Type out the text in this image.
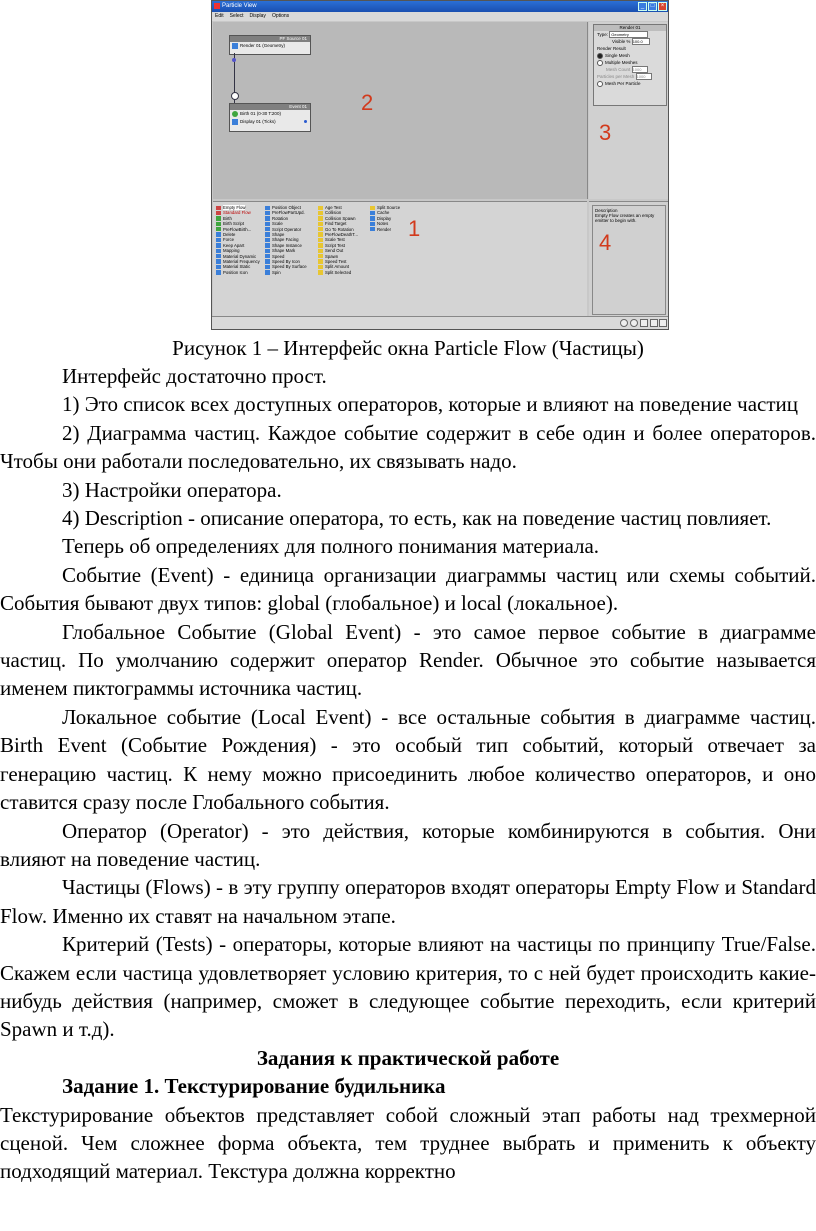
Particle View	_	□	×
Edit Select Display Options
PF Source 01
Render 01 (Geometry)
Event 01
Birth 01 (0-30 T:200)
Display 01 (Ticks)
2
Render 01
Type: Geometry
Visible % 100.0
Render Result
Single Mesh
Multiple Meshes
Mesh Count 1000
Particles per Mesh 1000
Mesh Per Particle
3
Empty Flow
Standard Flow
Birth
Birth Script
PreFlowBirth...
Delete
Force
Keep Apart
Mapping
Material Dynamic
Material Frequency
Material Static
Position Icon
Position Object
PreFlowPartUpd.
Rotation
Scale
Script Operator
Shape
Shape Facing
Shape Instance
Shape Mark
Speed
Speed By Icon
Speed By Surface
Spin
Age Test
Collision
Collision Spawn
Find Target
Go To Rotation
PreFlowDeathT...
Scale Test
Script Test
Send Out
Spawn
Speed Test
Split Amount
Split Selected
Split Source
Cache
Display
Notes
Render 1
Description
Empty Flow creates an empty emitter to begin with.
4
Рисунок 1 – Интерфейс окна Particle Flow (Частицы)

Интерфейс достаточно прост.

1) Это список всех доступных операторов, которые и влияют на поведение частиц

2) Диаграмма частиц. Каждое событие содержит в себе один и более операторов. Чтобы они работали последовательно, их связывать надо.

3) Настройки оператора.

4) Description - описание оператора, то есть, как на поведение частиц повлияет.

Теперь об определениях для полного понимания материала.

Событие (Event) - единица организации диаграммы частиц или схемы событий. События бывают двух типов: global (глобальное) и local (локальное).

Глобальное Событие (Global Event) - это самое первое событие в диаграмме частиц. По умолчанию содержит оператор Render. Обычное это событие называется именем пиктограммы источника частиц.

Локальное событие (Local Event) - все остальные события в диаграмме частиц. Birth Event (Событие Рождения) - это особый тип событий, который отвечает за генерацию частиц. К нему можно присоединить любое количество операторов, и оно ставится сразу после Глобального события.

Оператор (Operator) - это действия, которые комбинируются в события. Они влияют на поведение частиц.

Частицы (Flows) - в эту группу операторов входят операторы Empty Flow и Standard Flow. Именно их ставят на начальном этапе.

Критерий (Tests) - операторы, которые влияют на частицы по принципу True/False. Скажем если частица удовлетворяет условию критерия, то с ней будет происходить какие-нибудь действия (например, сможет в следующее событие переходить, если критерий Spawn и т.д).

Задания к практической работе

Задание 1. Текстурирование будильника

Текстурирование объектов представляет собой сложный этап работы над трехмерной сценой. Чем сложнее форма объекта, тем труднее выбрать и применить к объекту подходящий материал. Текстура должна корректно
